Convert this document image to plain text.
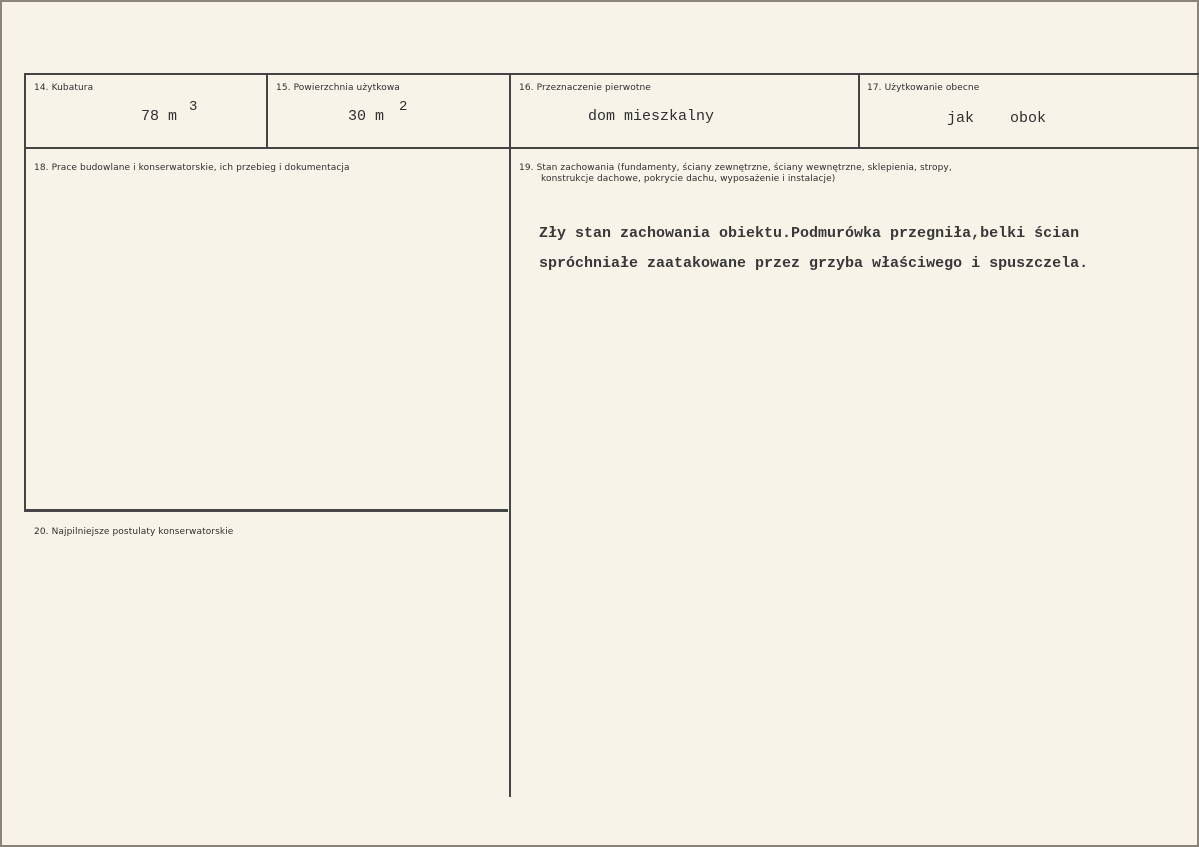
14. Kubatura
78 m
3
15. Powierzchnia użytkowa
30 m
2
16. Przeznaczenie pierwotne
dom mieszkalny
17. Użytkowanie obecne
jak    obok
18. Prace budowlane i konserwatorskie, ich przebieg i dokumentacja	19. Stan zachowania (fundamenty, ściany zewnętrzne, ściany wewnętrzne, sklepienia, stropy,
konstrukcje dachowe, pokrycie dachu, wyposażenie i instalacje)
Zły stan zachowania obiektu.Podmurówka przegniła,belki ścian
spróchniałe zaatakowane przez grzyba właściwego i spuszczela.
20. Najpilniejsze postulaty konserwatorskie
